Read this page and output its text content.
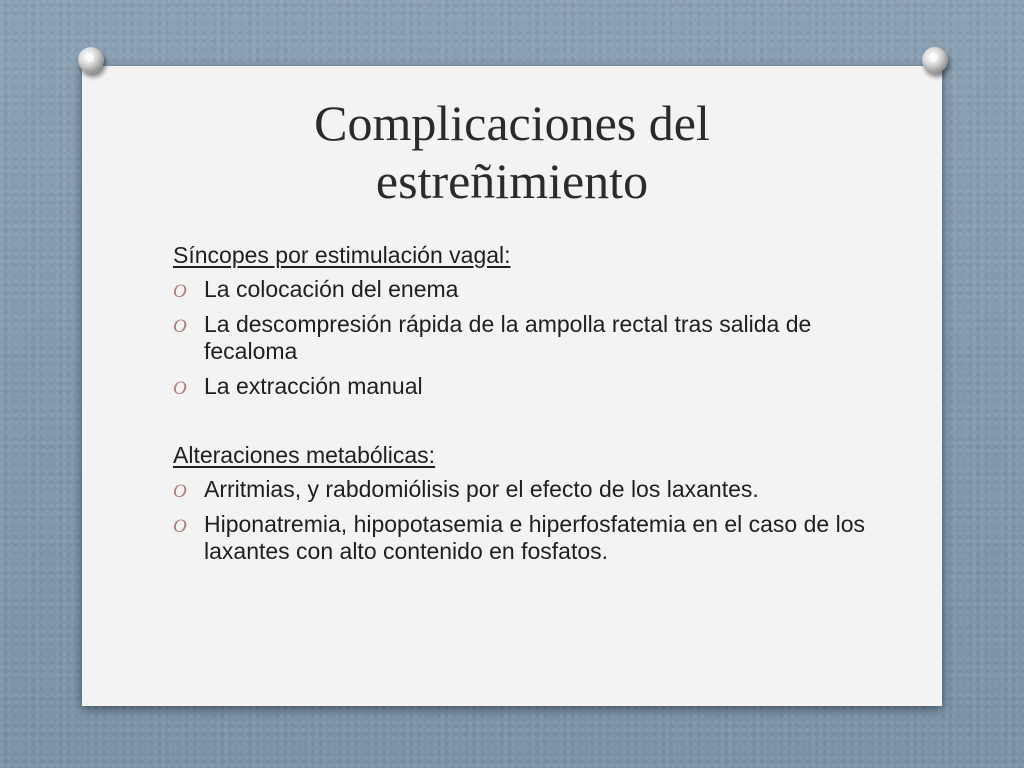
Complicaciones del
estreñimiento

Síncopes por estimulación vagal:

O La colocación del enema
O La descompresión rápida de la ampolla rectal tras salida de fecaloma
O La extracción manual

Alteraciones metabólicas:

O Arritmias, y rabdomiólisis por el efecto de los laxantes.
O Hiponatremia, hipopotasemia e hiperfosfatemia en el caso de los laxantes con alto contenido en fosfatos.
